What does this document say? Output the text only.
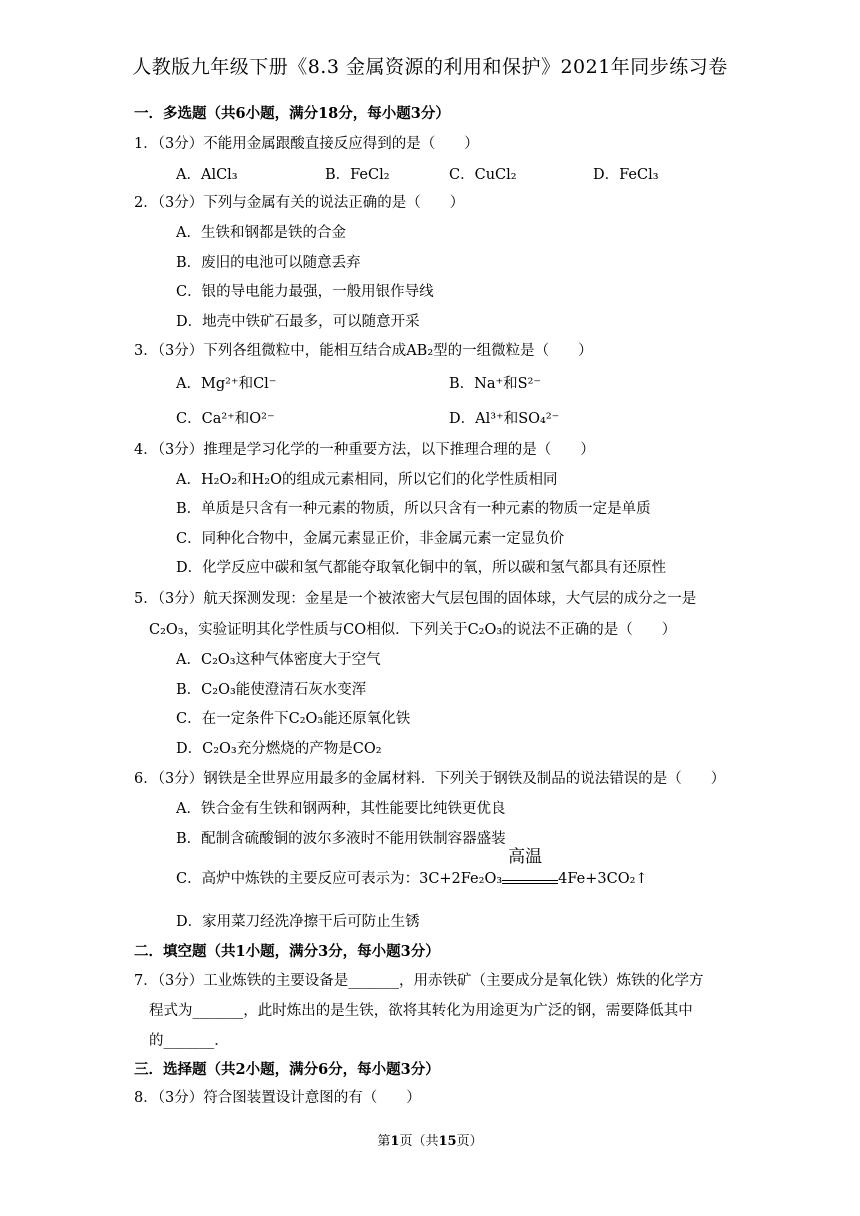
人教版九年级下册《8.3 金属资源的利用和保护》2021年同步练习卷
一．多选题（共6小题，满分18分，每小题3分）
1．（3分）不能用金属跟酸直接反应得到的是（　　）
A．AlCl₃	B．FeCl₂	C．CuCl₂	D．FeCl₃
2．（3分）下列与金属有关的说法正确的是（　　）
A．生铁和钢都是铁的合金
B．废旧的电池可以随意丢弃
C．银的导电能力最强，一般用银作导线
D．地壳中铁矿石最多，可以随意开采
3．（3分）下列各组微粒中，能相互结合成AB₂型的一组微粒是（　　）
A．Mg²⁺和Cl⁻	B．Na⁺和S²⁻
C．Ca²⁺和O²⁻	D．Al³⁺和SO₄²⁻
4．（3分）推理是学习化学的一种重要方法，以下推理合理的是（　　）
A．H₂O₂和H₂O的组成元素相同，所以它们的化学性质相同
B．单质是只含有一种元素的物质，所以只含有一种元素的物质一定是单质
C．同种化合物中，金属元素显正价，非金属元素一定显负价
D．化学反应中碳和氢气都能夺取氧化铜中的氧，所以碳和氢气都具有还原性
5．（3分）航天探测发现：金星是一个被浓密大气层包围的固体球，大气层的成分之一是
C₂O₃，实验证明其化学性质与CO相似．下列关于C₂O₃的说法不正确的是（　　）
A．C₂O₃这种气体密度大于空气
B．C₂O₃能使澄清石灰水变浑
C．在一定条件下C₂O₃能还原氧化铁
D．C₂O₃充分燃烧的产物是CO₂
6．（3分）钢铁是全世界应用最多的金属材料．下列关于钢铁及制品的说法错误的是（　　）
A．铁合金有生铁和钢两种，其性能要比纯铁更优良
B．配制含硫酸铜的波尔多液时不能用铁制容器盛装
C．高炉中炼铁的主要反应可表示为：3C+2Fe₂O₃
高温
4Fe+3CO₂↑
D．家用菜刀经洗净擦干后可防止生锈
二．填空题（共1小题，满分3分，每小题3分）
7．（3分）工业炼铁的主要设备是_______，用赤铁矿（主要成分是氧化铁）炼铁的化学方
程式为_______，此时炼出的是生铁，欲将其转化为用途更为广泛的钢，需要降低其中
的_______．
三．选择题（共2小题，满分6分，每小题3分）
8．（3分）符合图装置设计意图的有（　　）
第1页（共15页）
